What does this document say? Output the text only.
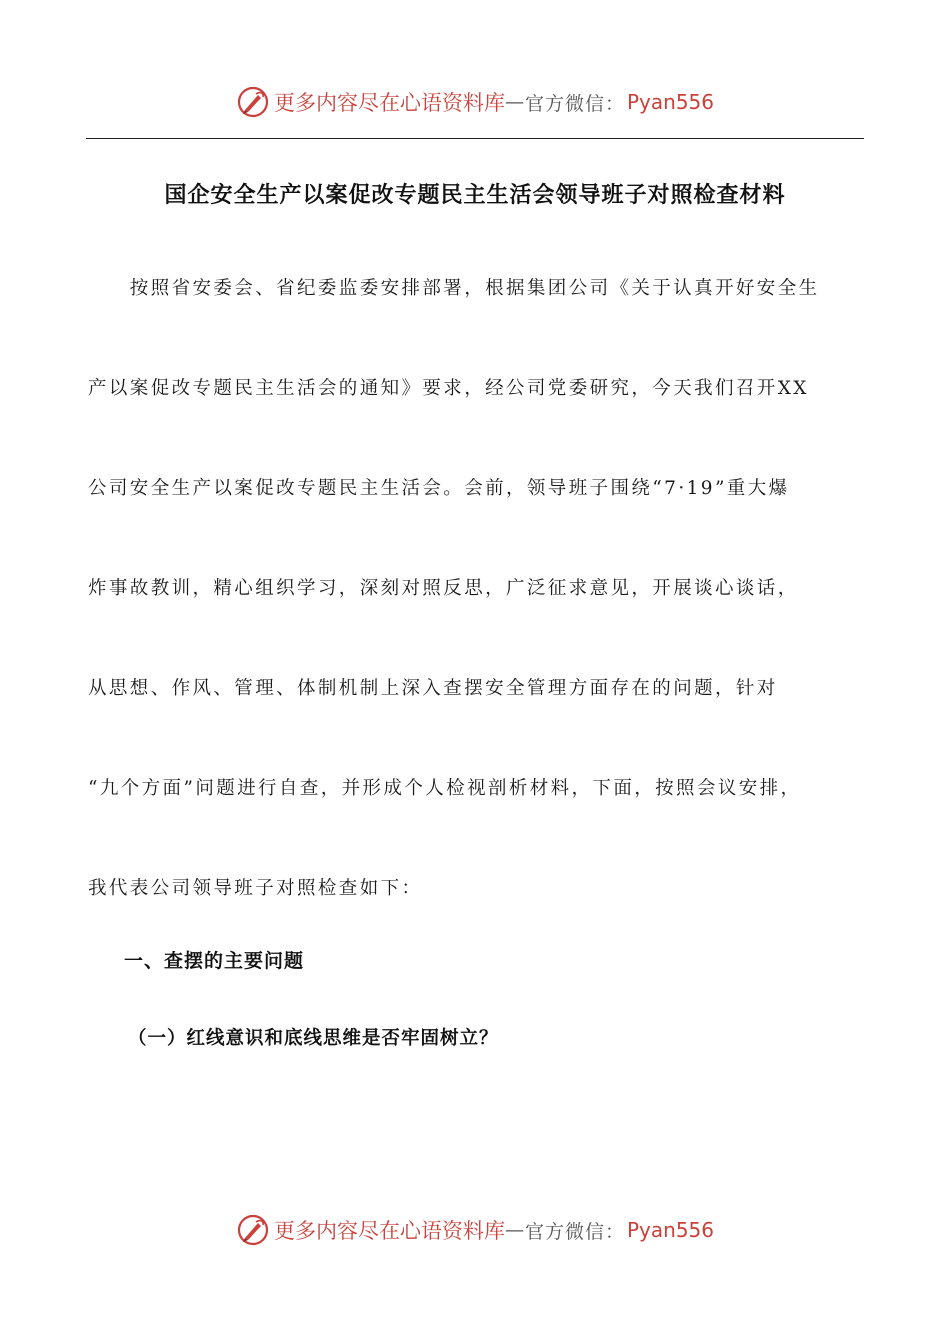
更多内容尽在心语资料库 — 官方微信： Pyan556
国企安全生产以案促改专题民主生活会领导班子对照检查材料

　　按照省安委会、省纪委监委安排部署，根据集团公司《关于认真开好安全生

产以案促改专题民主生活会的通知》要求，经公司党委研究，今天我们召开XX

公司安全生产以案促改专题民主生活会。会前，领导班子围绕“7·19”重大爆

炸事故教训，精心组织学习，深刻对照反思，广泛征求意见，开展谈心谈话，

从思想、作风、管理、体制机制上深入查摆安全管理方面存在的问题，针对

“九个方面”问题进行自查，并形成个人检视剖析材料，下面，按照会议安排，

我代表公司领导班子对照检查如下：

一、查摆的主要问题
（一）红线意识和底线思维是否牢固树立？
更多内容尽在心语资料库 — 官方微信： Pyan556
